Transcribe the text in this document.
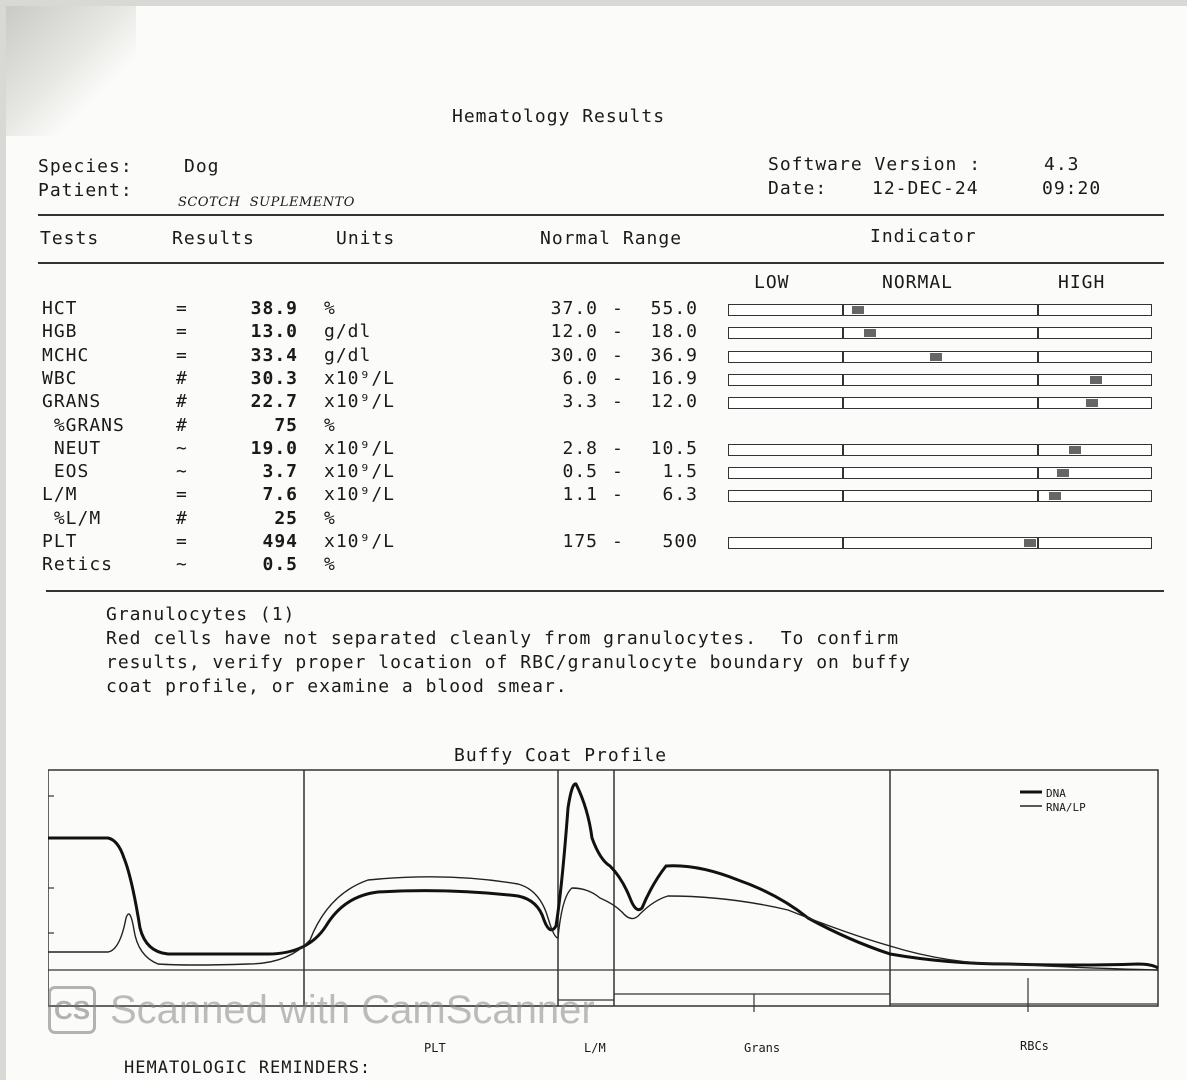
Hematology Results
Species:	Dog
Patient:
SCOTCH  SUPLEMENTO
Software Version :	4.3
Date: 12-DEC-24	09:20
Tests	Results	Units	Normal Range	Indicator
LOW	NORMAL	HIGH
HCT	=	38.9 %	37.0 -	55.0
HGB	=	13.0 g/dl	12.0 -	18.0
MCHC	=	33.4 g/dl	30.0 -	36.9
WBC	#	30.3 x10⁹/L	6.0 -	16.9
GRANS	#	22.7 x10⁹/L	3.3 -	12.0
%GRANS	#	75 %
NEUT	~	19.0 x10⁹/L	2.8 -	10.5
EOS	~	3.7 x10⁹/L	0.5 -	1.5
L/M	=	7.6 x10⁹/L	1.1 -	6.3
%L/M	#	25 %
PLT	=	494 x10⁹/L	175 -	500
Retics	~	0.5 %
Granulocytes (1)
Red cells have not separated cleanly from granulocytes.  To confirm
results, verify proper location of RBC/granulocyte boundary on buffy
coat profile, or examine a blood smear.
Buffy Coat Profile
DNA
RNA/LP
PLT	L/M	Grans	RBCs
HEMATOLOGIC REMINDERS:
CS Scanned with CamScanner
